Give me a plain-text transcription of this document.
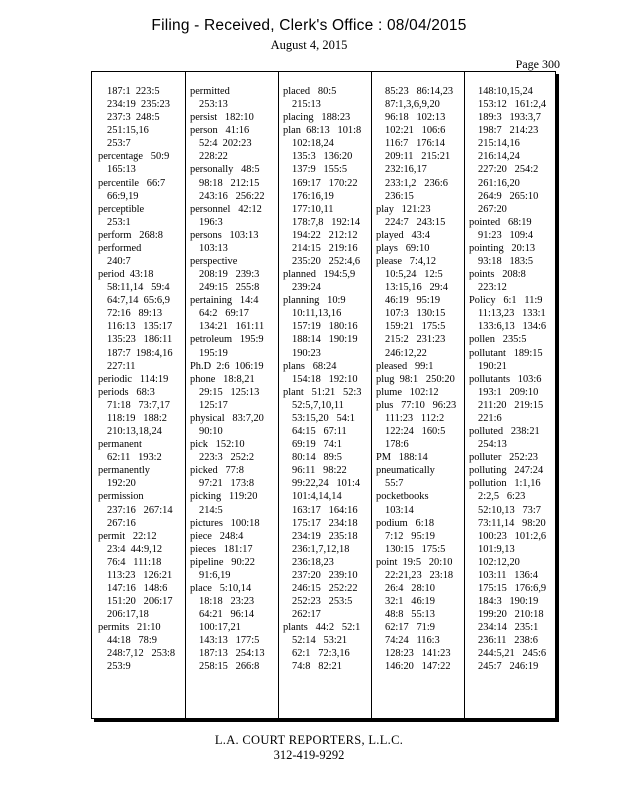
Filing - Received, Clerk's Office : 08/04/2015
August 4, 2015
Page 300
187:1  223:5
234:19  235:23
237:3  248:5
251:15,16
253:7
percentage   50:9
165:13
percentile   66:7
66:9,19
perceptible
253:1
perform   268:8
performed
240:7
period  43:18
58:11,14   59:4
64:7,14  65:6,9
72:16   89:13
116:13   135:17
135:23   186:11
187:7  198:4,16
227:11
periodic   114:19
periods   68:3
71:18   73:7,17
118:19   188:2
210:13,18,24
permanent
62:11   193:2
permanently
192:20
permission
237:16   267:14
267:16
permit   22:12
23:4  44:9,12
76:4   111:18
113:23   126:21
147:16   148:6
151:20   206:17
206:17,18
permits   21:10
44:18   78:9
248:7,12   253:8
253:9
permitted
253:13
persist   182:10
person   41:16
52:4  202:23
228:22
personally   48:5
98:18   212:15
243:16   256:22
personnel   42:12
196:3
persons   103:13
103:13
perspective
208:19   239:3
249:15   255:8
pertaining   14:4
64:2   69:17
134:21   161:11
petroleum   195:9
195:19
Ph.D  2:6  106:19
phone   18:8,21
29:15   125:13
125:17
physical   83:7,20
90:10
pick   152:10
223:3   252:2
picked   77:8
97:21   173:8
picking   119:20
214:5
pictures   100:18
piece   248:4
pieces   181:17
pipeline   90:22
91:6,19
place   5:10,14
18:18   23:23
64:21   96:14
100:17,21
143:13   177:5
187:13   254:13
258:15   266:8
placed   80:5
215:13
placing   188:23
plan  68:13   101:8
102:18,24
135:3   136:20
137:9   155:5
169:17   170:22
176:16,19
177:10,11
178:7,8   192:14
194:22   212:12
214:15   219:16
235:20   252:4,6
planned   194:5,9
239:24
planning   10:9
10:11,13,16
157:19   180:16
188:14   190:19
190:23
plans   68:24
154:18   192:10
plant   51:21   52:3
52:5,7,10,11
53:15,20   54:1
64:15   67:11
69:19   74:1
80:14   89:5
96:11   98:22
99:22,24   101:4
101:4,14,14
163:17   164:16
175:17   234:18
234:19   235:18
236:1,7,12,18
236:18,23
237:20   239:10
246:15   252:22
252:23   253:5
262:17
plants   44:2   52:1
52:14   53:21
62:1   72:3,16
74:8   82:21
85:23   86:14,23
87:1,3,6,9,20
96:18   102:13
102:21   106:6
116:7   176:14
209:11   215:21
232:16,17
233:1,2   236:6
236:15
play   121:23
224:7   243:15
played   43:4
plays   69:10
please   7:4,12
10:5,24   12:5
13:15,16   29:4
46:19   95:19
107:3   130:15
159:21   175:5
215:2   231:23
246:12,22
pleased   99:1
plug  98:1   250:20
plume   102:12
plus   77:10   96:23
111:23   112:2
122:24   160:5
178:6
PM   188:14
pneumatically
55:7
pocketbooks
103:14
podium   6:18
7:12   95:19
130:15   175:5
point  19:5   20:10
22:21,23   23:18
26:4   28:10
32:1   46:19
48:8   55:13
62:17   71:9
74:24   116:3
128:23   141:23
146:20   147:22
148:10,15,24
153:12   161:2,4
189:3   193:3,7
198:7   214:23
215:14,16
216:14,24
227:20   254:2
261:16,20
264:9   265:10
267:20
pointed   68:19
91:23   109:4
pointing   20:13
93:18   183:5
points   208:8
223:12
Policy   6:1   11:9
11:13,23   133:1
133:6,13   134:6
pollen   235:5
pollutant   189:15
190:21
pollutants   103:6
193:1   209:10
211:20   219:15
221:6
polluted   238:21
254:13
polluter   252:23
polluting   247:24
pollution   1:1,16
2:2,5   6:23
52:10,13   73:7
73:11,14   98:20
100:23   101:2,6
101:9,13
102:12,20
103:11   136:4
175:15   176:6,9
184:3   190:19
199:20   210:18
234:14   235:1
236:11   238:6
244:5,21   245:6
245:7   246:19
L.A. COURT REPORTERS, L.L.C.
312-419-9292
